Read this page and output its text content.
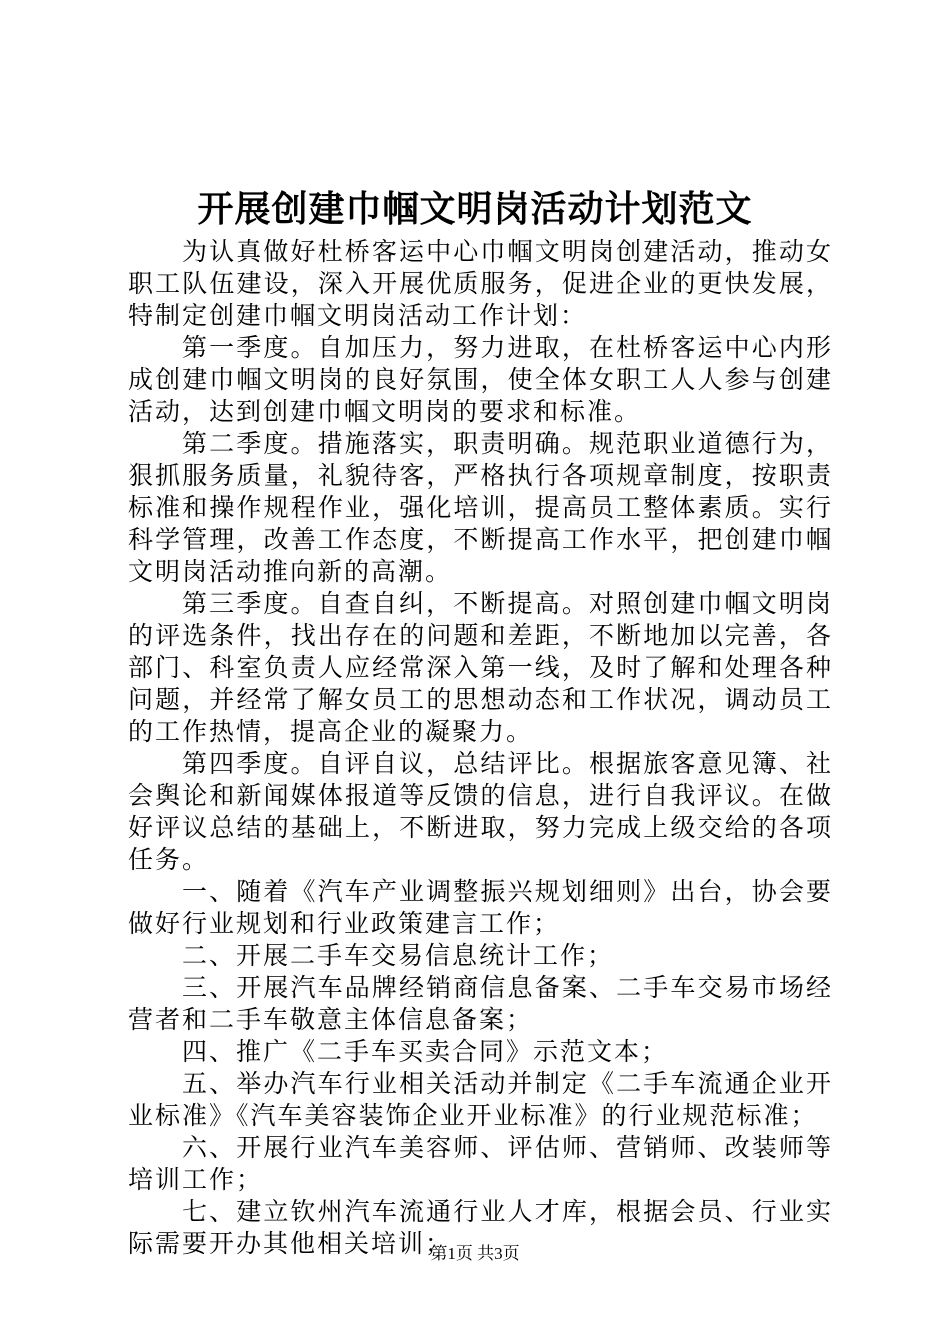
开展创建巾帼文明岗活动计划范文

为认真做好杜桥客运中心巾帼文明岗创建活动，推动女职工队伍建设，深入开展优质服务，促进企业的更快发展，特制定创建巾帼文明岗活动工作计划：

第一季度。自加压力，努力进取，在杜桥客运中心内形成创建巾帼文明岗的良好氛围，使全体女职工人人参与创建活动，达到创建巾帼文明岗的要求和标准。

第二季度。措施落实，职责明确。规范职业道德行为，狠抓服务质量，礼貌待客，严格执行各项规章制度，按职责标准和操作规程作业，强化培训，提高员工整体素质。实行科学管理，改善工作态度，不断提高工作水平，把创建巾帼文明岗活动推向新的高潮。

第三季度。自查自纠，不断提高。对照创建巾帼文明岗的评选条件，找出存在的问题和差距，不断地加以完善，各部门、科室负责人应经常深入第一线，及时了解和处理各种问题，并经常了解女员工的思想动态和工作状况，调动员工的工作热情，提高企业的凝聚力。

第四季度。自评自议，总结评比。根据旅客意见簿、社会舆论和新闻媒体报道等反馈的信息，进行自我评议。在做好评议总结的基础上，不断进取，努力完成上级交给的各项任务。

一、随着《汽车产业调整振兴规划细则》出台，协会要做好行业规划和行业政策建言工作；

二、开展二手车交易信息统计工作；

三、开展汽车品牌经销商信息备案、二手车交易市场经营者和二手车敬意主体信息备案；

四、推广《二手车买卖合同》示范文本；

五、举办汽车行业相关活动并制定《二手车流通企业开业标准》《汽车美容装饰企业开业标准》的行业规范标准；

六、开展行业汽车美容师、评估师、营销师、改装师等培训工作；

七、建立钦州汽车流通行业人才库，根据会员、行业实际需要开办其他相关培训；

第1页 共3页
